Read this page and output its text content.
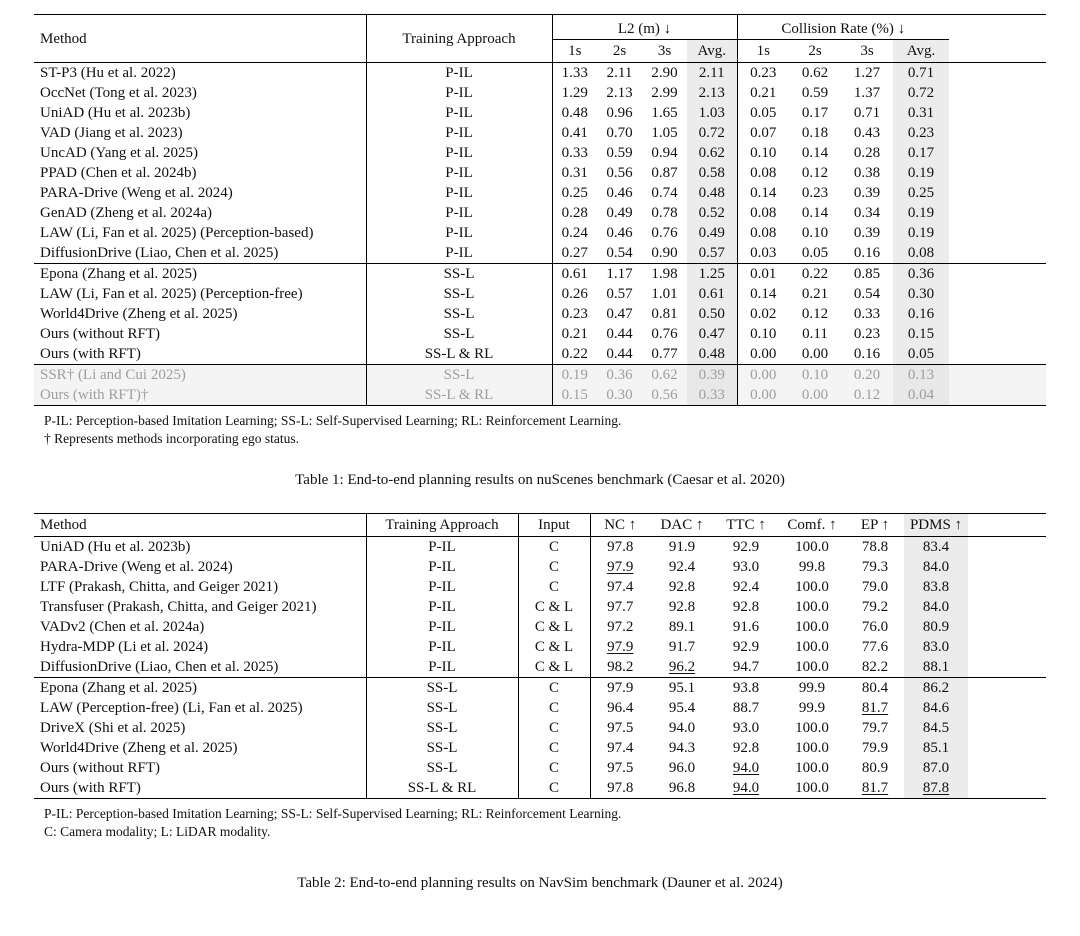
Method	Training Approach	L2 (m) ↓				Collision Rate (%) ↓				
		1s	2s	3s	Avg.	1s	2s	3s	Avg.	
ST-P3 (Hu et al. 2022)	P-IL	1.33	2.11	2.90	2.11	0.23	0.62	1.27	0.71	
OccNet (Tong et al. 2023)	P-IL	1.29	2.13	2.99	2.13	0.21	0.59	1.37	0.72	
UniAD (Hu et al. 2023b)	P-IL	0.48	0.96	1.65	1.03	0.05	0.17	0.71	0.31	
VAD (Jiang et al. 2023)	P-IL	0.41	0.70	1.05	0.72	0.07	0.18	0.43	0.23	
UncAD (Yang et al. 2025)	P-IL	0.33	0.59	0.94	0.62	0.10	0.14	0.28	0.17	
PPAD (Chen et al. 2024b)	P-IL	0.31	0.56	0.87	0.58	0.08	0.12	0.38	0.19	
PARA-Drive (Weng et al. 2024)	P-IL	0.25	0.46	0.74	0.48	0.14	0.23	0.39	0.25	
GenAD (Zheng et al. 2024a)	P-IL	0.28	0.49	0.78	0.52	0.08	0.14	0.34	0.19	
LAW (Li, Fan et al. 2025) (Perception-based)	P-IL	0.24	0.46	0.76	0.49	0.08	0.10	0.39	0.19	
DiffusionDrive (Liao, Chen et al. 2025)	P-IL	0.27	0.54	0.90	0.57	0.03	0.05	0.16	0.08	
Epona (Zhang et al. 2025)	SS-L	0.61	1.17	1.98	1.25	0.01	0.22	0.85	0.36	
LAW (Li, Fan et al. 2025) (Perception-free)	SS-L	0.26	0.57	1.01	0.61	0.14	0.21	0.54	0.30	
World4Drive (Zheng et al. 2025)	SS-L	0.23	0.47	0.81	0.50	0.02	0.12	0.33	0.16	
Ours (without RFT)	SS-L	0.21	0.44	0.76	0.47	0.10	0.11	0.23	0.15	
Ours (with RFT)	SS-L & RL	0.22	0.44	0.77	0.48	0.00	0.00	0.16	0.05	
SSR† (Li and Cui 2025)	SS-L	0.19	0.36	0.62	0.39	0.00	0.10	0.20	0.13	
Ours (with RFT)†	SS-L & RL	0.15	0.30	0.56	0.33	0.00	0.00	0.12	0.04	
P-IL: Perception-based Imitation Learning; SS-L: Self-Supervised Learning; RL: Reinforcement Learning.
† Represents methods incorporating ego status.
Table 1: End-to-end planning results on nuScenes benchmark (Caesar et al. 2020)
Method	Training Approach	Input	NC ↑	DAC ↑	TTC ↑	Comf. ↑	EP ↑	PDMS ↑	
UniAD (Hu et al. 2023b)	P-IL	C	97.8	91.9	92.9	100.0	78.8	83.4	
PARA-Drive (Weng et al. 2024)	P-IL	C	97.9	92.4	93.0	99.8	79.3	84.0	
LTF (Prakash, Chitta, and Geiger 2021)	P-IL	C	97.4	92.8	92.4	100.0	79.0	83.8	
Transfuser (Prakash, Chitta, and Geiger 2021)	P-IL	C & L	97.7	92.8	92.8	100.0	79.2	84.0	
VADv2 (Chen et al. 2024a)	P-IL	C & L	97.2	89.1	91.6	100.0	76.0	80.9	
Hydra-MDP (Li et al. 2024)	P-IL	C & L	97.9	91.7	92.9	100.0	77.6	83.0	
DiffusionDrive (Liao, Chen et al. 2025)	P-IL	C & L	98.2	96.2	94.7	100.0	82.2	88.1	
Epona (Zhang et al. 2025)	SS-L	C	97.9	95.1	93.8	99.9	80.4	86.2	
LAW (Perception-free) (Li, Fan et al. 2025)	SS-L	C	96.4	95.4	88.7	99.9	81.7	84.6	
DriveX (Shi et al. 2025)	SS-L	C	97.5	94.0	93.0	100.0	79.7	84.5	
World4Drive (Zheng et al. 2025)	SS-L	C	97.4	94.3	92.8	100.0	79.9	85.1	
Ours (without RFT)	SS-L	C	97.5	96.0	94.0	100.0	80.9	87.0	
Ours (with RFT)	SS-L & RL	C	97.8	96.8	94.0	100.0	81.7	87.8	
P-IL: Perception-based Imitation Learning; SS-L: Self-Supervised Learning; RL: Reinforcement Learning.
C: Camera modality; L: LiDAR modality.
Table 2: End-to-end planning results on NavSim benchmark (Dauner et al. 2024)
